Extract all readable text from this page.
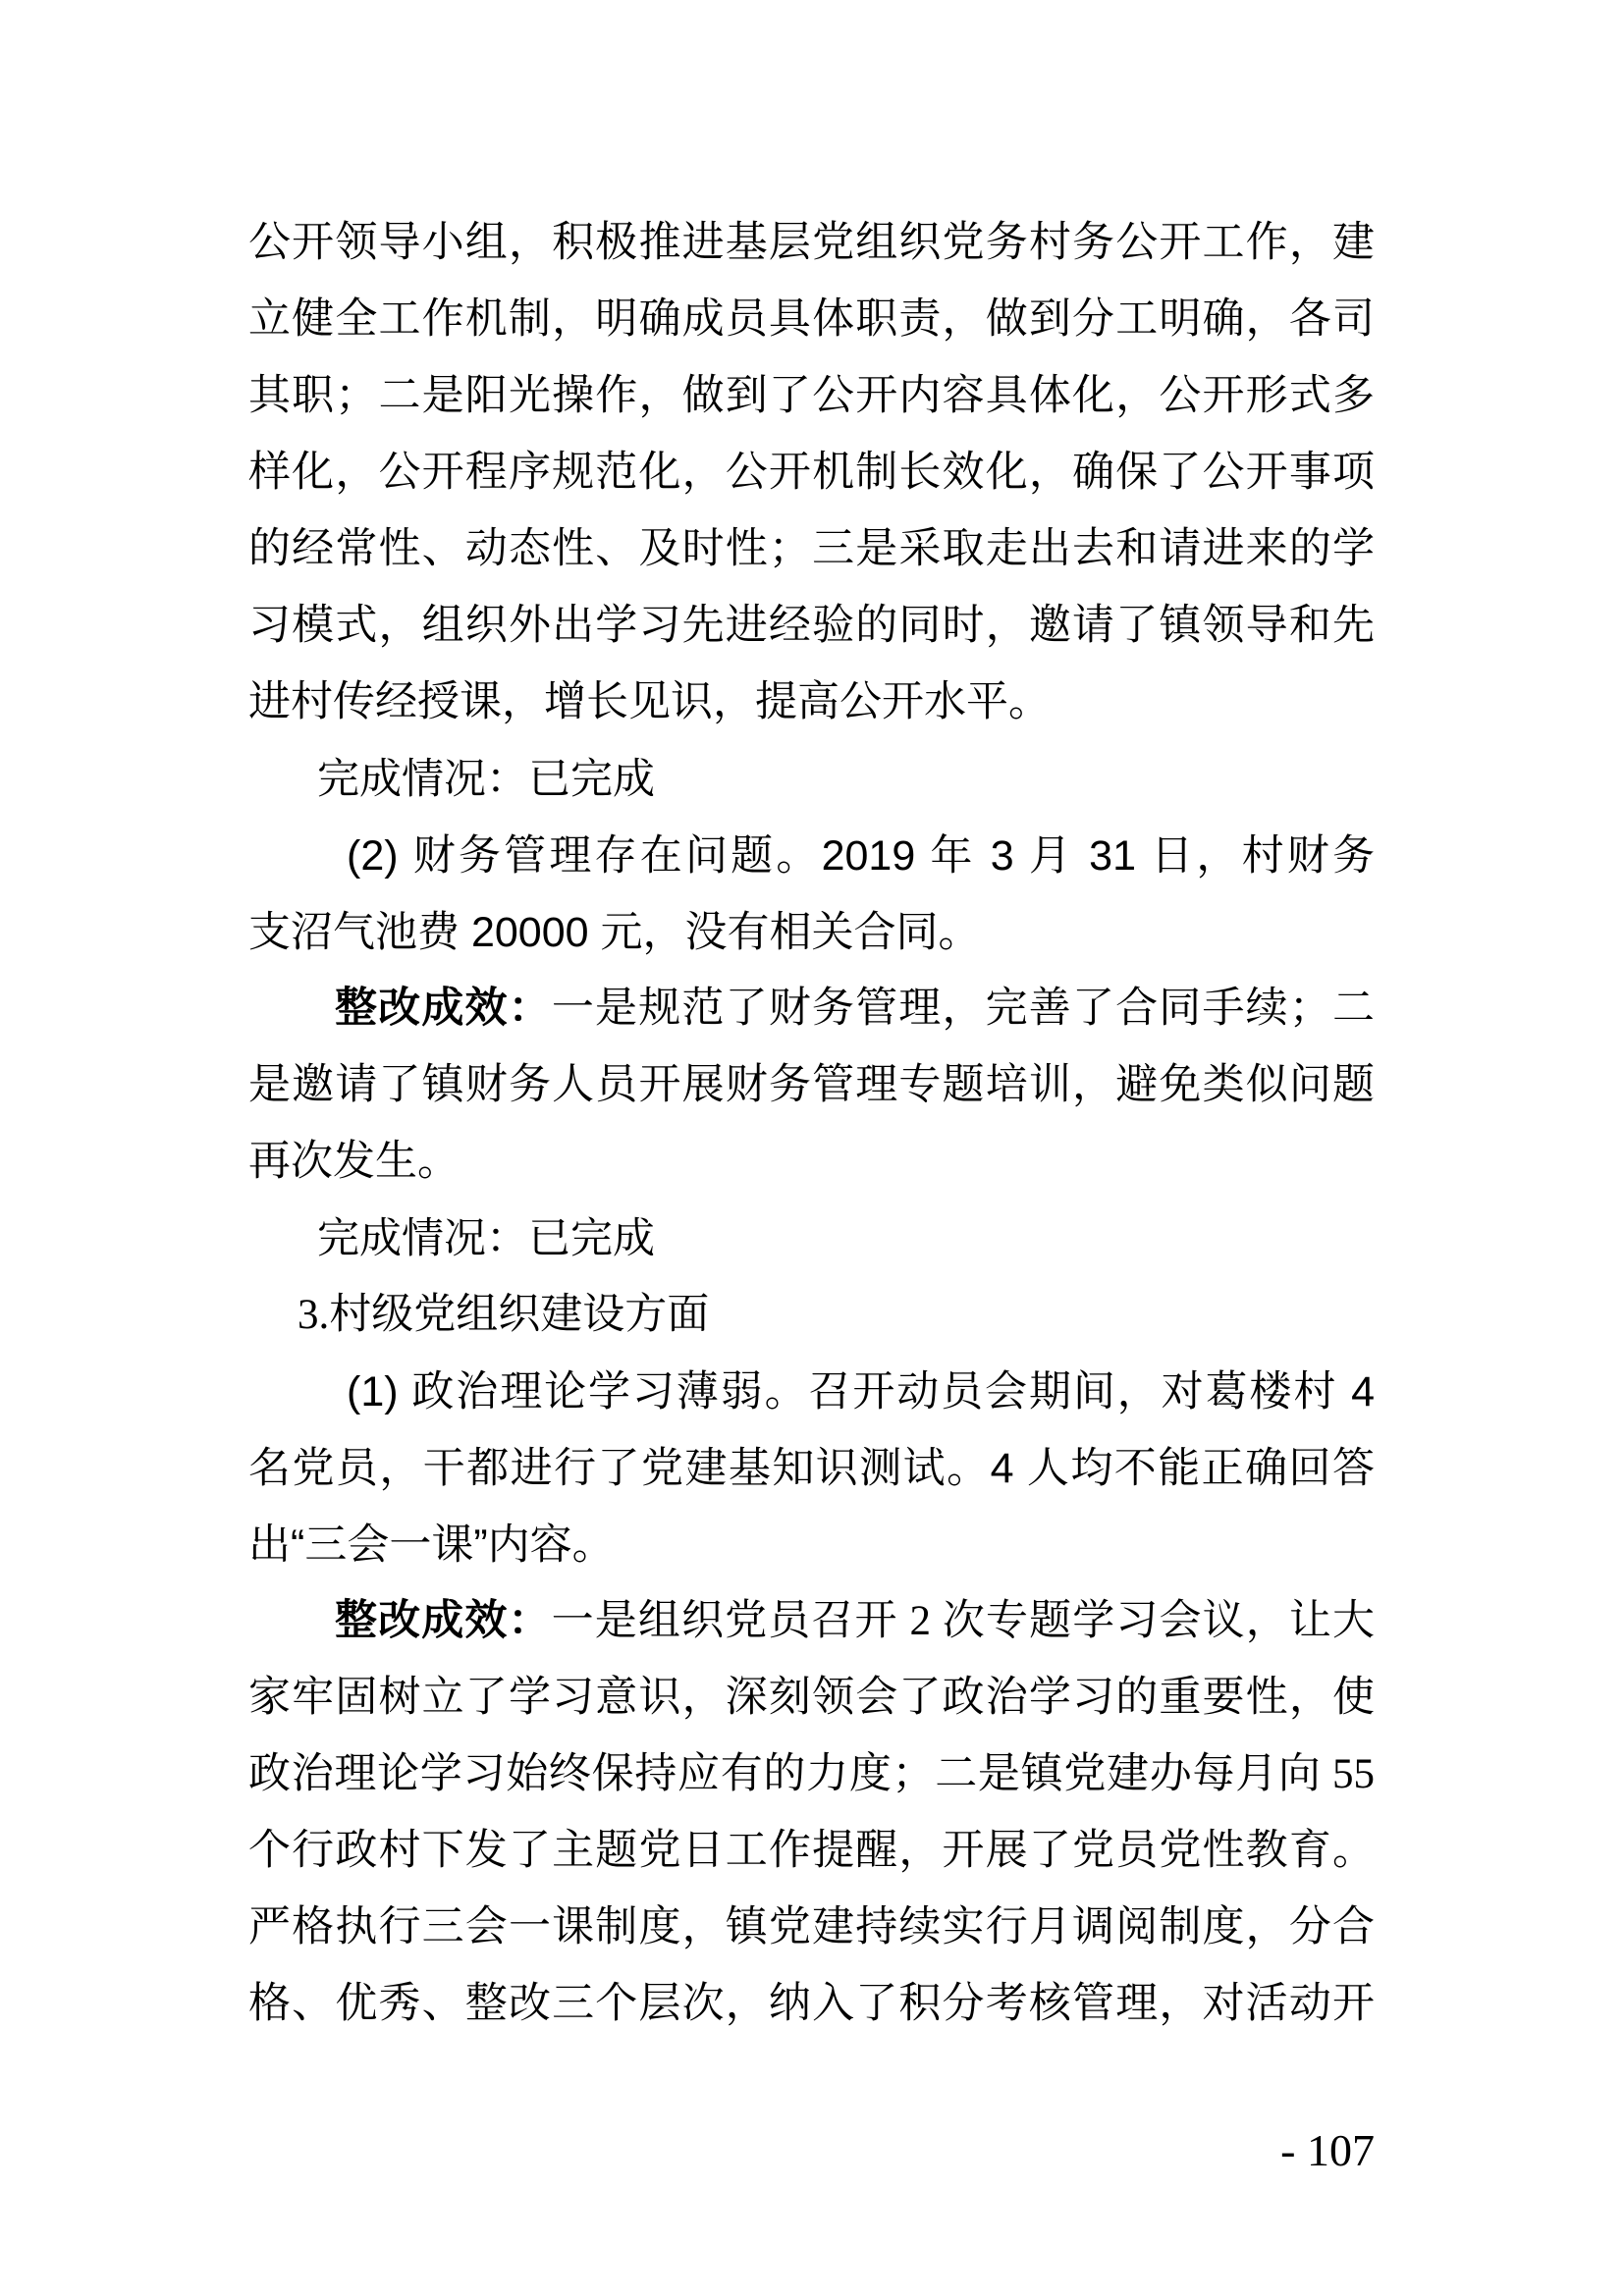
公开领导小组，积极推进基层党组织党务村务公开工作，建
立健全工作机制，明确成员具体职责，做到分工明确，各司
其职；二是阳光操作，做到了公开内容具体化，公开形式多
样化，公开程序规范化，公开机制长效化，确保了公开事项
的经常性、动态性、及时性；三是采取走出去和请进来的学
习模式，组织外出学习先进经验的同时，邀请了镇领导和先
进村传经授课，增长见识，提高公开水平。
完成情况：已完成
(2) 财务管理存在问题。2019 年 3 月 31 日，村财务
支沼气池费 20000 元，没有相关合同。
整改成效：一是规范了财务管理，完善了合同手续；二
是邀请了镇财务人员开展财务管理专题培训，避免类似问题
再次发生。
完成情况：已完成
3.村级党组织建设方面
(1) 政治理论学习薄弱。召开动员会期间，对葛楼村 4
名党员，干都进行了党建基知识测试。4 人均不能正确回答
出“三会一课”内容。
整改成效：一是组织党员召开 2 次专题学习会议，让大
家牢固树立了学习意识，深刻领会了政治学习的重要性，使
政治理论学习始终保持应有的力度；二是镇党建办每月向 55
个行政村下发了主题党日工作提醒，开展了党员党性教育。
严格执行三会一课制度，镇党建持续实行月调阅制度，分合
格、优秀、整改三个层次，纳入了积分考核管理，对活动开
- 107
